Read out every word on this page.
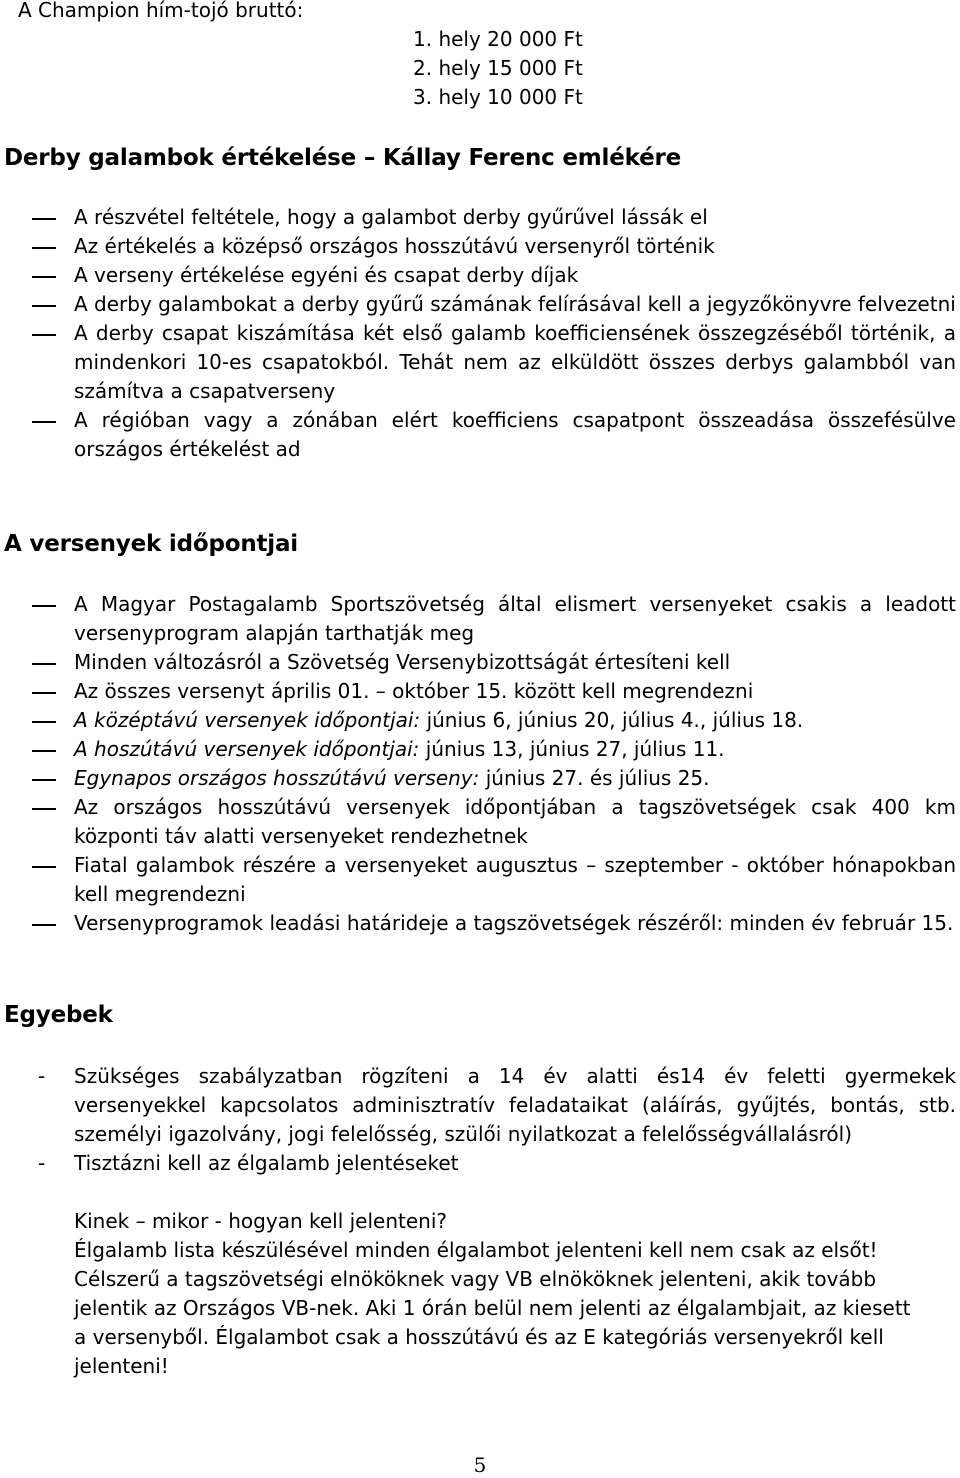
A Champion hím-tojó bruttó:
1. hely 20 000 Ft
2. hely 15 000 Ft
3. hely 10 000 Ft
Derby galambok értékelése – Kállay Ferenc emlékére
A részvétel feltétele, hogy a galambot derby gyűrűvel lássák el
Az értékelés a középső országos hosszútávú versenyről történik
A verseny értékelése egyéni és csapat derby díjak
A derby galambokat a derby gyűrű számának felírásával kell a jegyzőkönyvre felvezetni
A derby csapat kiszámítása két első galamb koefficiensének összegzéséből történik, a mindenkori 10-es csapatokból. Tehát nem az elküldött összes derbys galambból van számítva a csapatverseny
A régióban vagy a zónában elért koefficiens csapatpont összeadása összefésülve országos értékelést ad
A versenyek időpontjai
A Magyar Postagalamb Sportszövetség által elismert versenyeket csakis a leadott versenyprogram alapján tarthatják meg
Minden változásról a Szövetség Versenybizottságát értesíteni kell
Az összes versenyt április 01. – október 15. között kell megrendezni
A középtávú versenyek időpontjai: június 6, június 20, július 4., július 18.
A hoszútávú versenyek időpontjai: június 13, június 27, július 11.
Egynapos országos hosszútávú verseny: június 27. és július 25.
Az országos hosszútávú versenyek időpontjában a tagszövetségek csak 400 km központi táv alatti versenyeket rendezhetnek
Fiatal galambok részére a versenyeket augusztus – szeptember - október hónapokban kell megrendezni
Versenyprogramok leadási határideje a tagszövetségek részéről: minden év február 15.
Egyebek
-	Szükséges szabályzatban rögzíteni a 14 év alatti és14 év feletti gyermekek versenyekkel kapcsolatos adminisztratív feladataikat (aláírás, gyűjtés, bontás, stb. személyi igazolvány, jogi felelősség, szülői nyilatkozat a felelősségvállalásról)
-	Tisztázni kell az élgalamb jelentéseket
Kinek – mikor - hogyan kell jelenteni?
Élgalamb lista készülésével minden élgalambot jelenteni kell nem csak az elsőt!
Célszerű a tagszövetségi elnököknek vagy VB elnököknek jelenteni, akik tovább jelentik az Országos VB-nek. Aki 1 órán belül nem jelenti az élgalambjait, az kiesett a versenyből. Élgalambot csak a hosszútávú és az E kategóriás versenyekről kell jelenteni!
5
